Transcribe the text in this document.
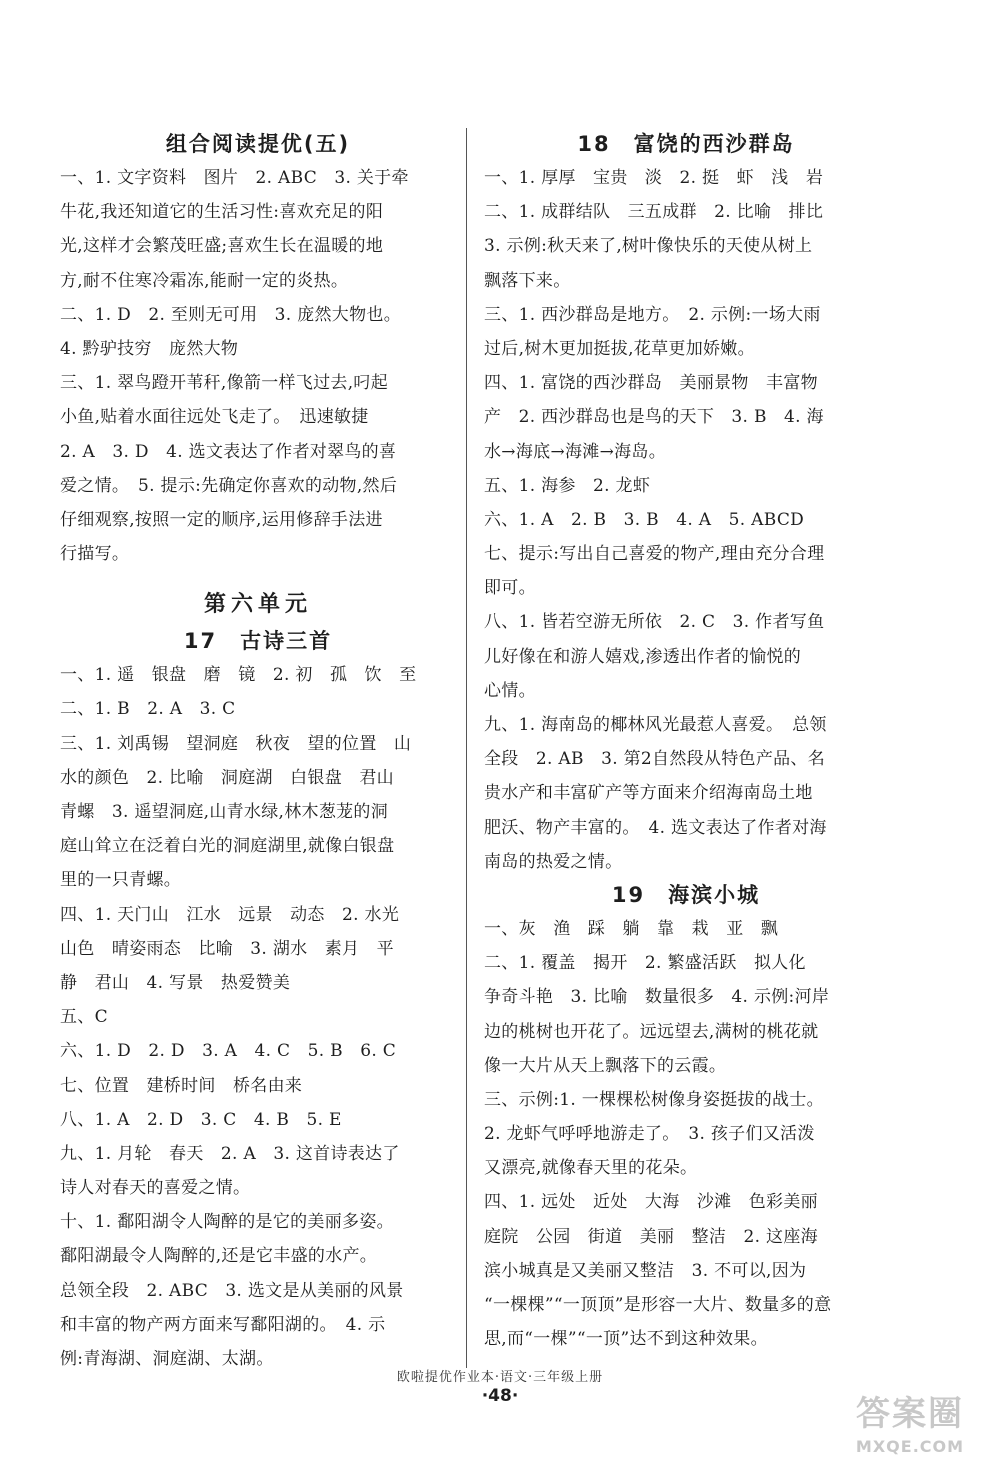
组合阅读提优(五)
一、1. 文字资料　图片　2. ABC　3. 关于牵
牛花,我还知道它的生活习性:喜欢充足的阳
光,这样才会繁茂旺盛;喜欢生长在温暖的地
方,耐不住寒冷霜冻,能耐一定的炎热。
二、1. D　2. 至则无可用　3. 庞然大物也。
4. 黔驴技穷　庞然大物
三、1. 翠鸟蹬开苇秆,像箭一样飞过去,叼起
小鱼,贴着水面往远处飞走了。　迅速敏捷
2. A　3. D　4. 选文表达了作者对翠鸟的喜
爱之情。　5. 提示:先确定你喜欢的动物,然后
仔细观察,按照一定的顺序,运用修辞手法进
行描写。
第六单元
17　古诗三首
一、1. 遥　银盘　磨　镜　2. 初　孤　饮　至
二、1. B　2. A　3. C
三、1. 刘禹锡　望洞庭　秋夜　望的位置　山
水的颜色　2. 比喻　洞庭湖　白银盘　君山
青螺　3. 遥望洞庭,山青水绿,林木葱茏的洞
庭山耸立在泛着白光的洞庭湖里,就像白银盘
里的一只青螺。
四、1. 天门山　江水　远景　动态　2. 水光
山色　晴姿雨态　比喻　3. 湖水　素月　平
静　君山　4. 写景　热爱赞美
五、C
六、1. D　2. D　3. A　4. C　5. B　6. C
七、位置　建桥时间　桥名由来
八、1. A　2. D　3. C　4. B　5. E
九、1. 月轮　春天　2. A　3. 这首诗表达了
诗人对春天的喜爱之情。
十、1. 鄱阳湖令人陶醉的是它的美丽多姿。
鄱阳湖最令人陶醉的,还是它丰盛的水产。
总领全段　2. ABC　3. 选文是从美丽的风景
和丰富的物产两方面来写鄱阳湖的。　4. 示
例:青海湖、洞庭湖、太湖。
18　富饶的西沙群岛
一、1. 厚厚　宝贵　淡　2. 挺　虾　浅　岩
二、1. 成群结队　三五成群　2. 比喻　排比
3. 示例:秋天来了,树叶像快乐的天使从树上
飘落下来。
三、1. 西沙群岛是地方。　2. 示例:一场大雨
过后,树木更加挺拔,花草更加娇嫩。
四、1. 富饶的西沙群岛　美丽景物　丰富物
产　2. 西沙群岛也是鸟的天下　3. B　4. 海
水→海底→海滩→海岛。
五、1. 海参　2. 龙虾
六、1. A　2. B　3. B　4. A　5. ABCD
七、提示:写出自己喜爱的物产,理由充分合理
即可。
八、1. 皆若空游无所依　2. C　3. 作者写鱼
儿好像在和游人嬉戏,渗透出作者的愉悦的
心情。
九、1. 海南岛的椰林风光最惹人喜爱。　总领
全段　2. AB　3. 第2自然段从特色产品、名
贵水产和丰富矿产等方面来介绍海南岛土地
肥沃、物产丰富的。　4. 选文表达了作者对海
南岛的热爱之情。
19　海滨小城
一、灰　渔　踩　躺　靠　栽　亚　飘
二、1. 覆盖　揭开　2. 繁盛活跃　拟人化
争奇斗艳　3. 比喻　数量很多　4. 示例:河岸
边的桃树也开花了。远远望去,满树的桃花就
像一大片从天上飘落下的云霞。
三、示例:1. 一棵棵松树像身姿挺拔的战士。
2. 龙虾气呼呼地游走了。　3. 孩子们又活泼
又漂亮,就像春天里的花朵。
四、1. 远处　近处　大海　沙滩　色彩美丽
庭院　公园　街道　美丽　整洁　2. 这座海
滨小城真是又美丽又整洁　3. 不可以,因为
“一棵棵”“一顶顶”是形容一大片、数量多的意
思,而“一棵”“一顶”达不到这种效果。
欧啦提优作业本·语文·三年级上册
·48·	答案圈
MXQE.COM
